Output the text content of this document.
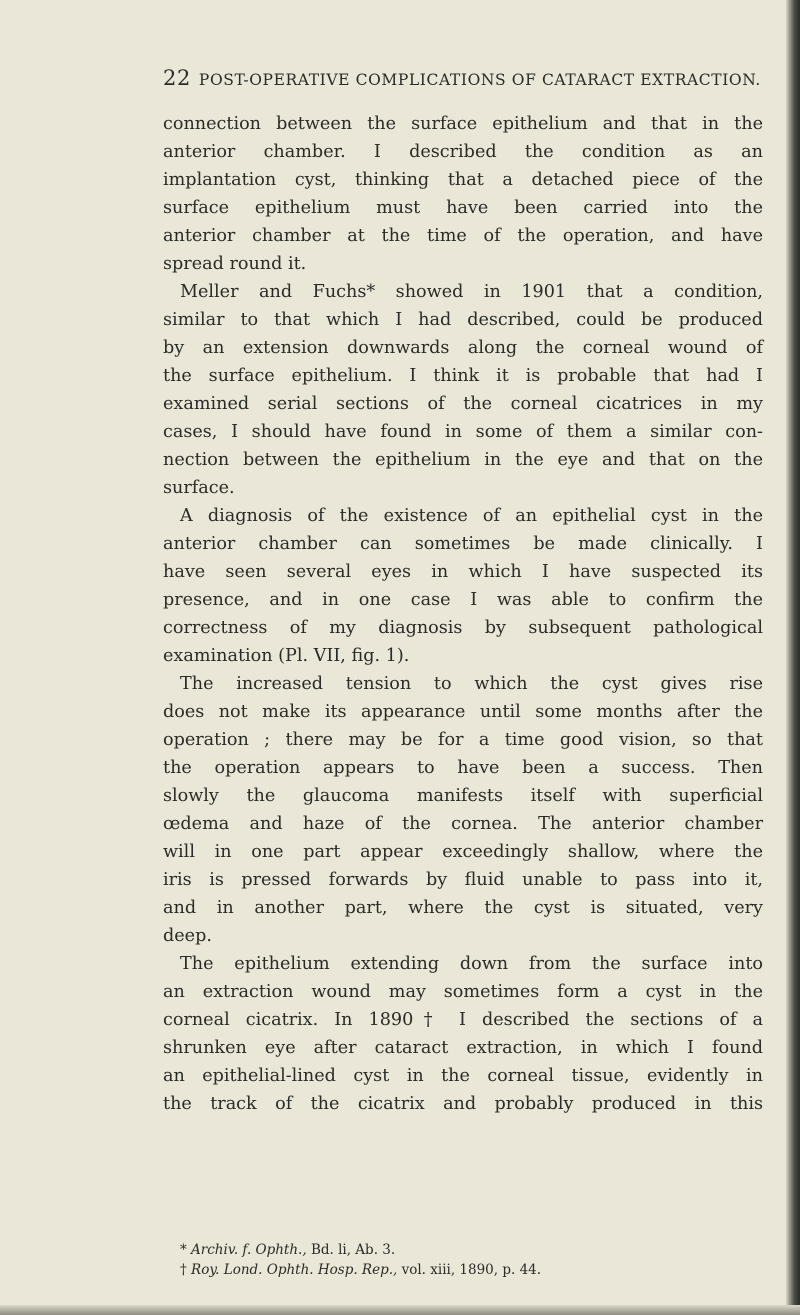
22 POST-OPERATIVE COMPLICATIONS OF CATARACT EXTRACTION.
connection between the surface epithelium and that in the
anterior chamber. I described the condition as an
implantation cyst, thinking that a detached piece of the
surface epithelium must have been carried into the
anterior chamber at the time of the operation, and have
spread round it.
Meller and Fuchs* showed in 1901 that a condition,
similar to that which I had described, could be produced
by an extension downwards along the corneal wound of
the surface epithelium. I think it is probable that had I
examined serial sections of the corneal cicatrices in my
cases, I should have found in some of them a similar con-
nection between the epithelium in the eye and that on the
surface.
A diagnosis of the existence of an epithelial cyst in the
anterior chamber can sometimes be made clinically. I
have seen several eyes in which I have suspected its
presence, and in one case I was able to confirm the
correctness of my diagnosis by subsequent pathological
examination (Pl. VII, fig. 1).
The increased tension to which the cyst gives rise
does not make its appearance until some months after the
operation ; there may be for a time good vision, so that
the operation appears to have been a success. Then
slowly the glaucoma manifests itself with superficial
œdema and haze of the cornea. The anterior chamber
will in one part appear exceedingly shallow, where the
iris is pressed forwards by fluid unable to pass into it,
and in another part, where the cyst is situated, very
deep.
The epithelium extending down from the surface into
an extraction wound may sometimes form a cyst in the
corneal cicatrix. In 1890† I described the sections of a
shrunken eye after cataract extraction, in which I found
an epithelial-lined cyst in the corneal tissue, evidently in
the track of the cicatrix and probably produced in this
* Archiv. f. Ophth., Bd. li, Ab. 3.
† Roy. Lond. Ophth. Hosp. Rep., vol. xiii, 1890, p. 44.
